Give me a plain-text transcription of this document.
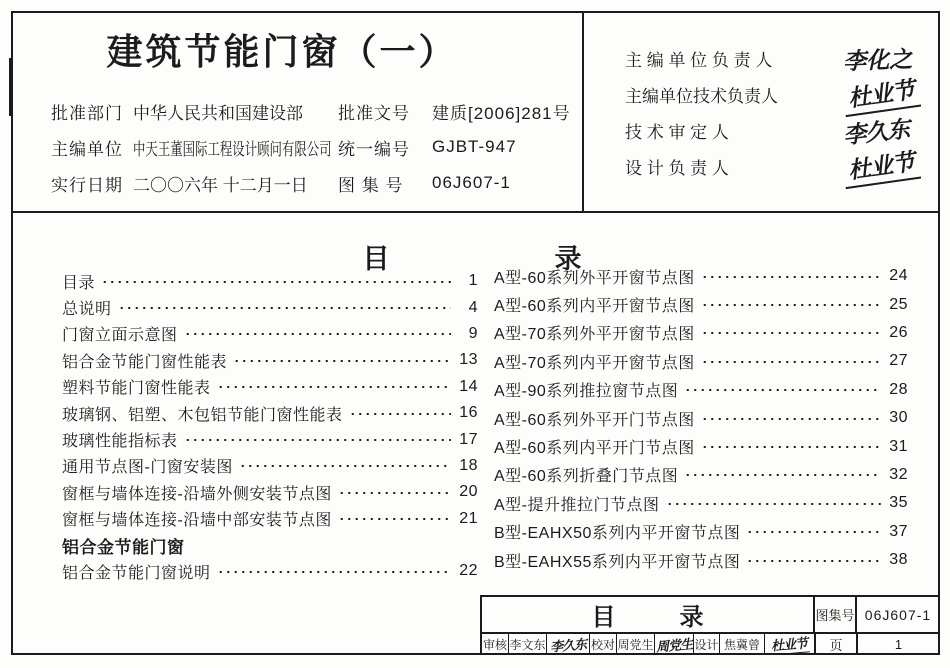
建筑节能门窗（一）
批准部门 中华人民共和国建设部	批准文号	建质[2006]281号
主编单位 中天王董国际工程设计顾问有限公司 统一编号	GJBT-947
实行日期 二〇〇六年 十二月一日	图 集 号	06J607-1
主 编 单 位 负 责 人	李化之
主编单位技术负责人	杜业节
技 术 审 定 人	李久东
设 计 负 责 人	杜业节
目	录
目录	1
总说明	4
门窗立面示意图	9
铝合金节能门窗性能表	13
塑料节能门窗性能表	14
玻璃钢、铝塑、木包铝节能门窗性能表	16
玻璃性能指标表	17
通用节点图-门窗安装图	18
窗框与墙体连接-沿墙外侧安装节点图	20
窗框与墙体连接-沿墙中部安装节点图	21
铝合金节能门窗
铝合金节能门窗说明	22
A型-60系列外平开窗节点图	24
A型-60系列内平开窗节点图	25
A型-70系列外平开窗节点图	26
A型-70系列内平开窗节点图	27
A型-90系列推拉窗节点图	28
A型-60系列外平开门节点图	30
A型-60系列内平开门节点图	31
A型-60系列折叠门节点图	32
A型-提升推拉门节点图	35
B型-EAHX50系列内平开窗节点图	37
B型-EAHX55系列内平开窗节点图	38
目	录	图集号 06J607-1
审核 李文东 李久东 校对 周党生 周党生 设计 焦冀曾 杜业节	页	1
